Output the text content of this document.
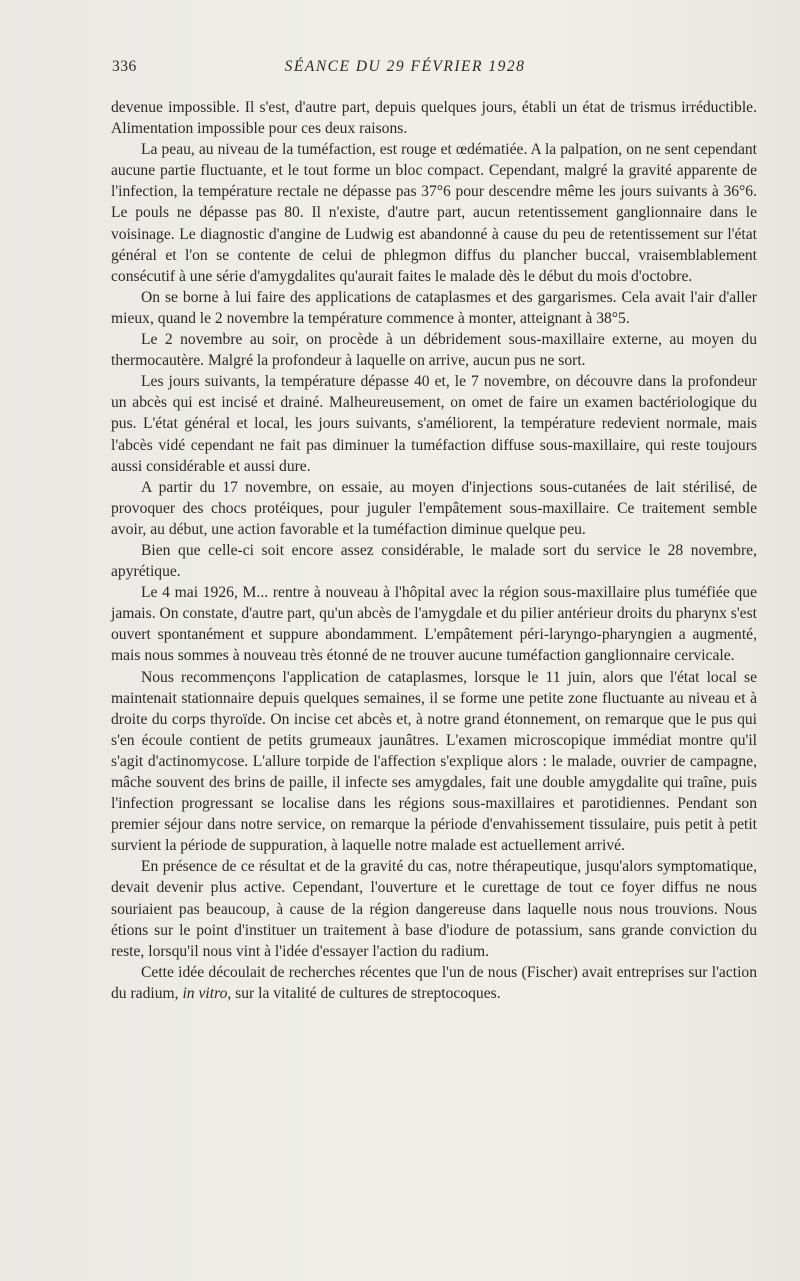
336	SÉANCE DU 29 FÉVRIER 1928

devenue impossible. Il s'est, d'autre part, depuis quelques jours, établi un état de trismus irréductible. Alimentation impossible pour ces deux raisons.

La peau, au niveau de la tuméfaction, est rouge et œdématiée. A la palpation, on ne sent cependant aucune partie fluctuante, et le tout forme un bloc compact. Cependant, malgré la gravité apparente de l'infection, la température rectale ne dépasse pas 37°6 pour descendre même les jours suivants à 36°6. Le pouls ne dépasse pas 80. Il n'existe, d'autre part, aucun retentissement ganglionnaire dans le voisinage. Le diagnostic d'angine de Ludwig est abandonné à cause du peu de retentissement sur l'état général et l'on se contente de celui de phlegmon diffus du plancher buccal, vraisemblablement consécutif à une série d'amygdalites qu'aurait faites le malade dès le début du mois d'octobre.

On se borne à lui faire des applications de cataplasmes et des gargarismes. Cela avait l'air d'aller mieux, quand le 2 novembre la température commence à monter, atteignant à 38°5.

Le 2 novembre au soir, on procède à un débridement sous-maxillaire externe, au moyen du thermocautère. Malgré la profondeur à laquelle on arrive, aucun pus ne sort.

Les jours suivants, la température dépasse 40 et, le 7 novembre, on découvre dans la profondeur un abcès qui est incisé et drainé. Malheureusement, on omet de faire un examen bactériologique du pus. L'état général et local, les jours suivants, s'améliorent, la température redevient normale, mais l'abcès vidé cependant ne fait pas diminuer la tuméfaction diffuse sous-maxillaire, qui reste toujours aussi considérable et aussi dure.

A partir du 17 novembre, on essaie, au moyen d'injections sous-cutanées de lait stérilisé, de provoquer des chocs protéiques, pour juguler l'empâtement sous-maxillaire. Ce traitement semble avoir, au début, une action favorable et la tuméfaction diminue quelque peu.

Bien que celle-ci soit encore assez considérable, le malade sort du service le 28 novembre, apyrétique.

Le 4 mai 1926, M... rentre à nouveau à l'hôpital avec la région sous-maxillaire plus tuméfiée que jamais. On constate, d'autre part, qu'un abcès de l'amygdale et du pilier antérieur droits du pharynx s'est ouvert spontanément et suppure abondamment. L'empâtement péri-laryngo-pharyngien a augmenté, mais nous sommes à nouveau très étonné de ne trouver aucune tuméfaction ganglionnaire cervicale.

Nous recommençons l'application de cataplasmes, lorsque le 11 juin, alors que l'état local se maintenait stationnaire depuis quelques semaines, il se forme une petite zone fluctuante au niveau et à droite du corps thyroïde. On incise cet abcès et, à notre grand étonnement, on remarque que le pus qui s'en écoule contient de petits grumeaux jaunâtres. L'examen microscopique immédiat montre qu'il s'agit d'actinomycose. L'allure torpide de l'affection s'explique alors : le malade, ouvrier de campagne, mâche souvent des brins de paille, il infecte ses amygdales, fait une double amygdalite qui traîne, puis l'infection progressant se localise dans les régions sous-maxillaires et parotidiennes. Pendant son premier séjour dans notre service, on remarque la période d'envahissement tissulaire, puis petit à petit survient la période de suppuration, à laquelle notre malade est actuellement arrivé.

En présence de ce résultat et de la gravité du cas, notre thérapeutique, jusqu'alors symptomatique, devait devenir plus active. Cependant, l'ouverture et le curettage de tout ce foyer diffus ne nous souriaient pas beaucoup, à cause de la région dangereuse dans laquelle nous nous trouvions. Nous étions sur le point d'instituer un traitement à base d'iodure de potassium, sans grande conviction du reste, lorsqu'il nous vint à l'idée d'essayer l'action du radium.

Cette idée découlait de recherches récentes que l'un de nous (Fischer) avait entreprises sur l'action du radium, in vitro, sur la vitalité de cultures de streptocoques.
